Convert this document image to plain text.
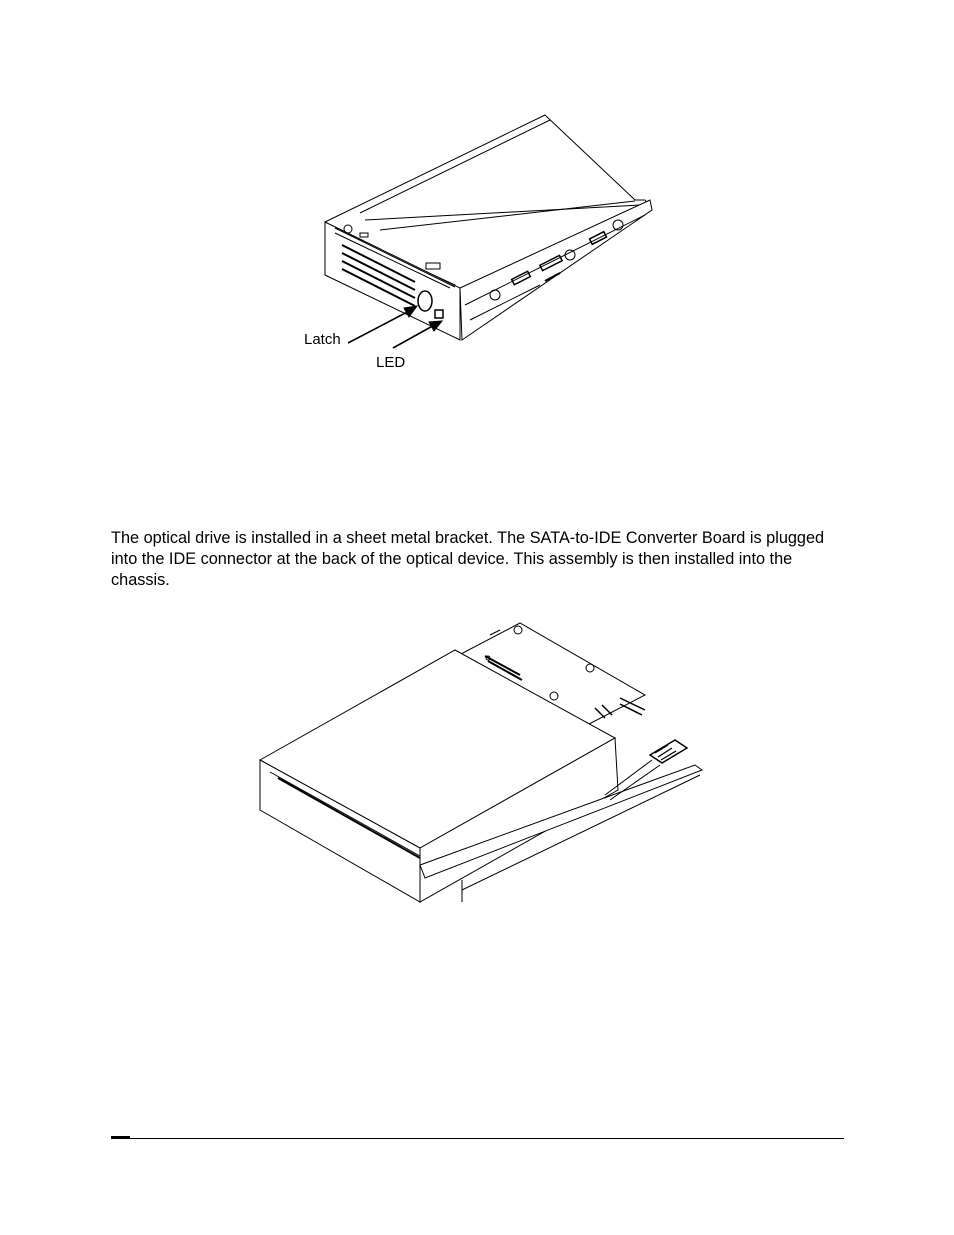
Latch
LED

The optical drive is installed in a sheet metal bracket. The SATA-to-IDE Converter Board is plugged into the IDE connector at the back of the optical device. This assembly is then installed into the chassis.
